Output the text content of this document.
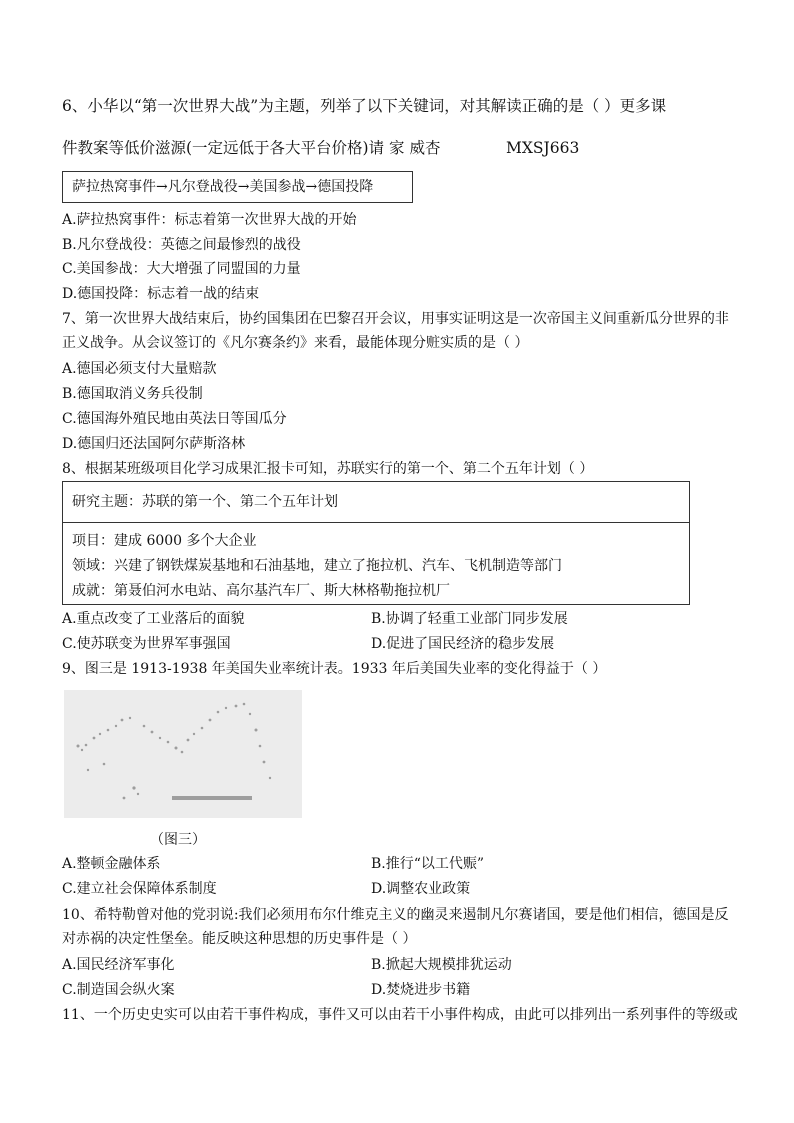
6、小华以“第一次世界大战”为主题，列举了以下关键词，对其解读正确的是（ ）更多课
件教案等低价滋源(一定远低于各大平台价格)请 家 威杏	MXSJ663
萨拉热窝事件→凡尔登战役→美国参战→德国投降
A.萨拉热窝事件：标志着第一次世界大战的开始
B.凡尔登战役：英德之间最惨烈的战役
C.美国参战：大大增强了同盟国的力量
D.德国投降：标志着一战的结束
7、第一次世界大战结束后，协约国集团在巴黎召开会议，用事实证明这是一次帝国主义间重新瓜分世界的非
正义战争。从会议签订的《凡尔赛条约》来看，最能体现分赃实质的是（ ）
A.德国必须支付大量赔款
B.德国取消义务兵役制
C.德国海外殖民地由英法日等国瓜分
D.德国归还法国阿尔萨斯洛林
8、根据某班级项目化学习成果汇报卡可知，苏联实行的第一个、第二个五年计划（ ）
研究主题：苏联的第一个、第二个五年计划
项目：建成 6000 多个大企业
领域：兴建了钢铁煤炭基地和石油基地，建立了拖拉机、汽车、飞机制造等部门
成就：第聂伯河水电站、高尔基汽车厂、斯大林格勒拖拉机厂
A.重点改变了工业落后的面貌	B.协调了轻重工业部门同步发展
C.使苏联变为世界军事强国	D.促进了国民经济的稳步发展
9、图三是 1913-1938 年美国失业率统计表。1933 年后美国失业率的变化得益于（ ）
（图三）
A.整顿金融体系	B.推行“以工代赈”
C.建立社会保障体系制度	D.调整农业政策
10、希特勒曾对他的党羽说:我们必须用布尔什维克主义的幽灵来遏制凡尔赛诸国，要是他们相信，德国是反
对赤祸的决定性堡垒。能反映这种思想的历史事件是（ ）
A.国民经济军事化	B.掀起大规模排犹运动
C.制造国会纵火案	D.焚烧进步书籍
11、一个历史史实可以由若干事件构成，事件又可以由若干小事件构成，由此可以排列出一系列事件的等级或
